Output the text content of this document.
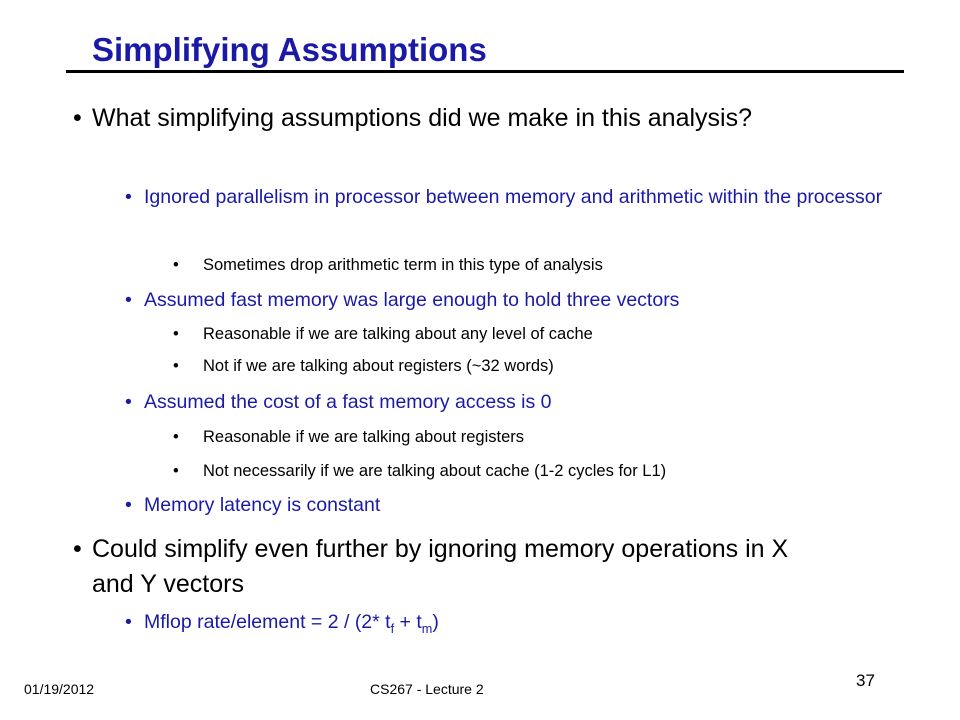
Simplifying Assumptions
• What simplifying assumptions did we make in this analysis?
• Ignored parallelism in processor between memory and arithmetic within the processor
• Sometimes drop arithmetic term in this type of analysis
• Assumed fast memory was large enough to hold three vectors
• Reasonable if we are talking about any level of cache
• Not if we are talking about registers (~32 words)
• Assumed the cost of a fast memory access is 0
• Reasonable if we are talking about registers
• Not necessarily if we are talking about cache (1-2 cycles for L1)
• Memory latency is constant
• Could simplify even further by ignoring memory operations in X and Y vectors
• Mflop rate/element = 2 / (2* $t_f + t_m$)
01/19/2012	CS267 - Lecture 2	37
